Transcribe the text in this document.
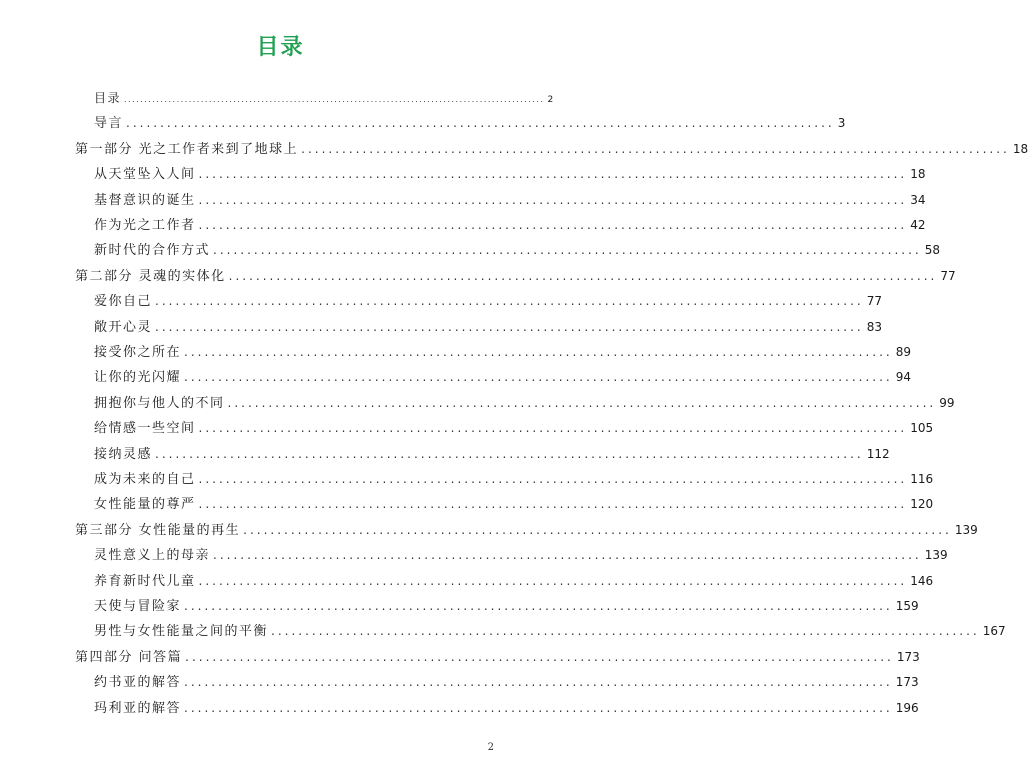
目录
目录 ........................................................................................................ 2
导言 ........................................................................................................ 3
第一部分 光之工作者来到了地球上 ........................................................................................................ 18
从天堂坠入人间 ........................................................................................................ 18
基督意识的诞生 ........................................................................................................ 34
作为光之工作者 ........................................................................................................ 42
新时代的合作方式 ........................................................................................................ 58
第二部分 灵魂的实体化 ........................................................................................................ 77
爱你自己 ........................................................................................................ 77
敞开心灵 ........................................................................................................ 83
接受你之所在 ........................................................................................................ 89
让你的光闪耀 ........................................................................................................ 94
拥抱你与他人的不同 ........................................................................................................ 99
给情感一些空间 ........................................................................................................ 105
接纳灵感 ........................................................................................................ 112
成为未来的自己 ........................................................................................................ 116
女性能量的尊严 ........................................................................................................ 120
第三部分 女性能量的再生 ........................................................................................................ 139
灵性意义上的母亲 ........................................................................................................ 139
养育新时代儿童 ........................................................................................................ 146
天使与冒险家 ........................................................................................................ 159
男性与女性能量之间的平衡 ........................................................................................................ 167
第四部分 问答篇 ........................................................................................................ 173
约书亚的解答 ........................................................................................................ 173
玛利亚的解答 ........................................................................................................ 196
2
